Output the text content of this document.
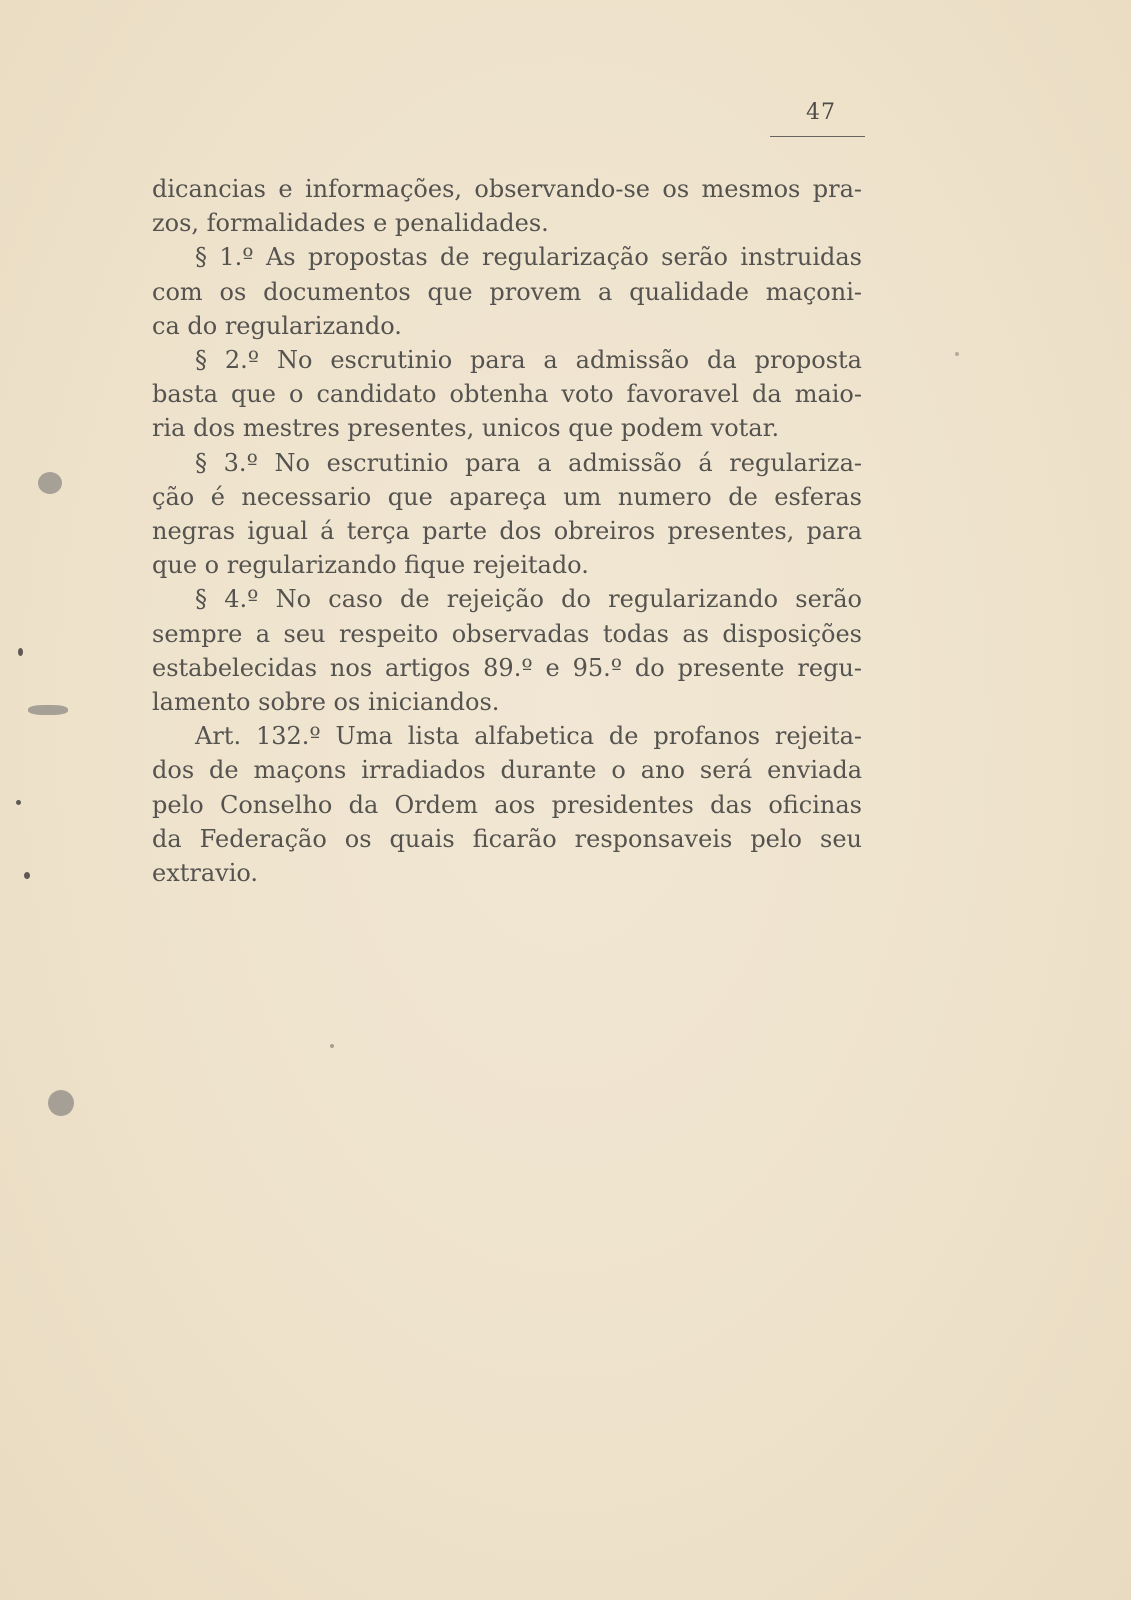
47
dicancias e informações, observando-se os mesmos pra-
zos, formalidades e penalidades.
§ 1.º As propostas de regularização serão instruidas
com os documentos que provem a qualidade maçoni-
ca do regularizando.
§ 2.º No escrutinio para a admissão da proposta
basta que o candidato obtenha voto favoravel da maio-
ria dos mestres presentes, unicos que podem votar.
§ 3.º No escrutinio para a admissão á regulariza-
ção é necessario que apareça um numero de esferas
negras igual á terça parte dos obreiros presentes, para
que o regularizando fique rejeitado.
§ 4.º No caso de rejeição do regularizando serão
sempre a seu respeito observadas todas as disposições
estabelecidas nos artigos 89.º e 95.º do presente regu-
lamento sobre os iniciandos.
Art. 132.º Uma lista alfabetica de profanos rejeita-
dos de maçons irradiados durante o ano será enviada
pelo Conselho da Ordem aos presidentes das oficinas
da Federação os quais ficarão responsaveis pelo seu
extravio.
